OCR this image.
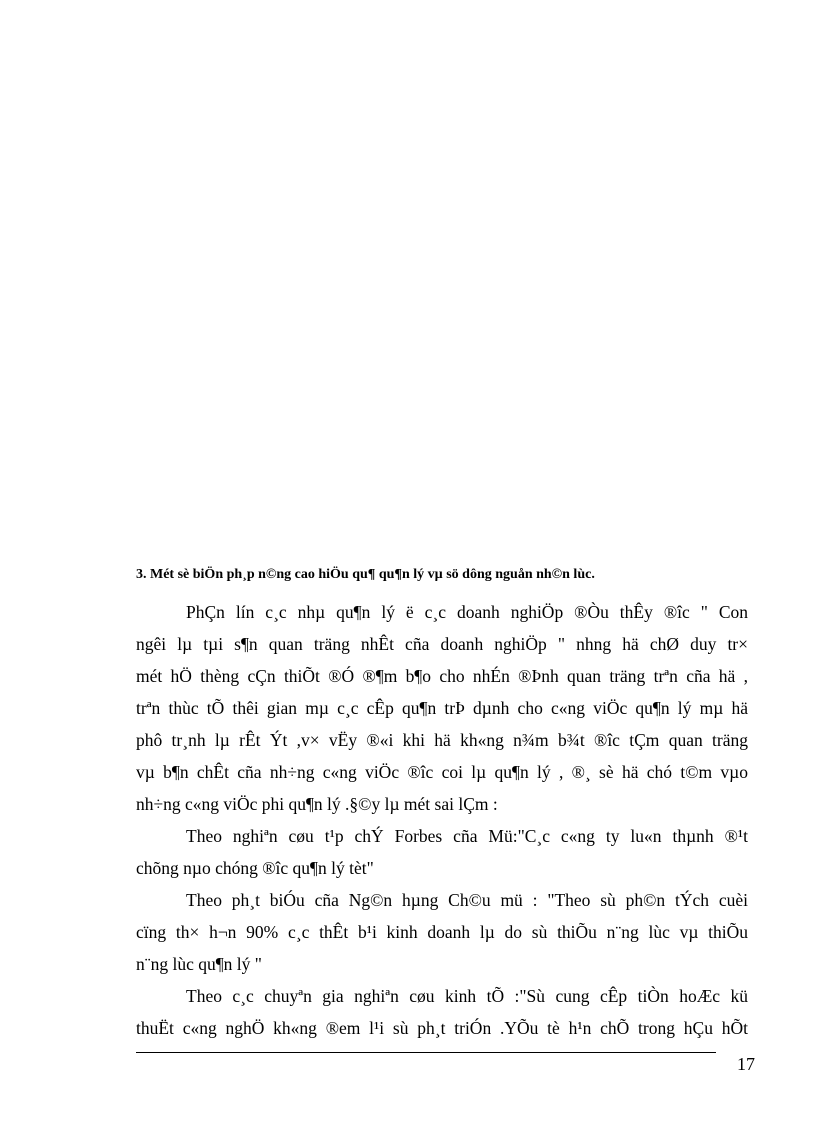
3. Mét sè biÖn ph¸p n©ng cao hiÖu qu¶ qu¶n lý vµ sö dông nguån nh©n lùc.
PhÇn lín c¸c nhµ qu¶n lý ë c¸c doanh nghiÖp ®Òu thÊy ®îc " Con
ngêi lµ tµi s¶n quan träng nhÊt cña doanh nghiÖp " nhng hä chØ duy tr×
mét hÖ thèng cÇn thiÕt ®Ó ®¶m b¶o cho nhÉn ®Þnh quan träng trªn cña hä ,
trªn thùc tÕ thêi gian mµ c¸c cÊp qu¶n trÞ dµnh cho c«ng viÖc qu¶n lý mµ hä
phô tr¸nh lµ rÊt Ýt ,v× vËy ®«i khi hä kh«ng n¾m b¾t ®îc tÇm quan träng
vµ b¶n chÊt cña nh÷ng c«ng viÖc ®îc coi lµ qu¶n lý , ®¸ sè hä chó t©m vµo
nh÷ng c«ng viÖc phi qu¶n lý .§©y lµ mét sai lÇm :
Theo nghiªn cøu t¹p chÝ Forbes cña Mü:"C¸c c«ng ty lu«n thµnh ®¹t
chõng nµo chóng ®îc qu¶n lý tèt"
Theo ph¸t biÓu cña Ng©n hµng Ch©u mü : "Theo sù ph©n tÝch cuèi
cïng th× h¬n 90% c¸c thÊt b¹i kinh doanh lµ do sù thiÕu n¨ng lùc vµ thiÕu
n¨ng lùc qu¶n lý "
Theo c¸c chuyªn gia nghiªn cøu kinh tÕ :"Sù cung cÊp tiÒn hoÆc kü
thuËt c«ng nghÖ kh«ng ®em l¹i sù ph¸t triÓn .YÕu tè h¹n chÕ trong hÇu hÕt
17
